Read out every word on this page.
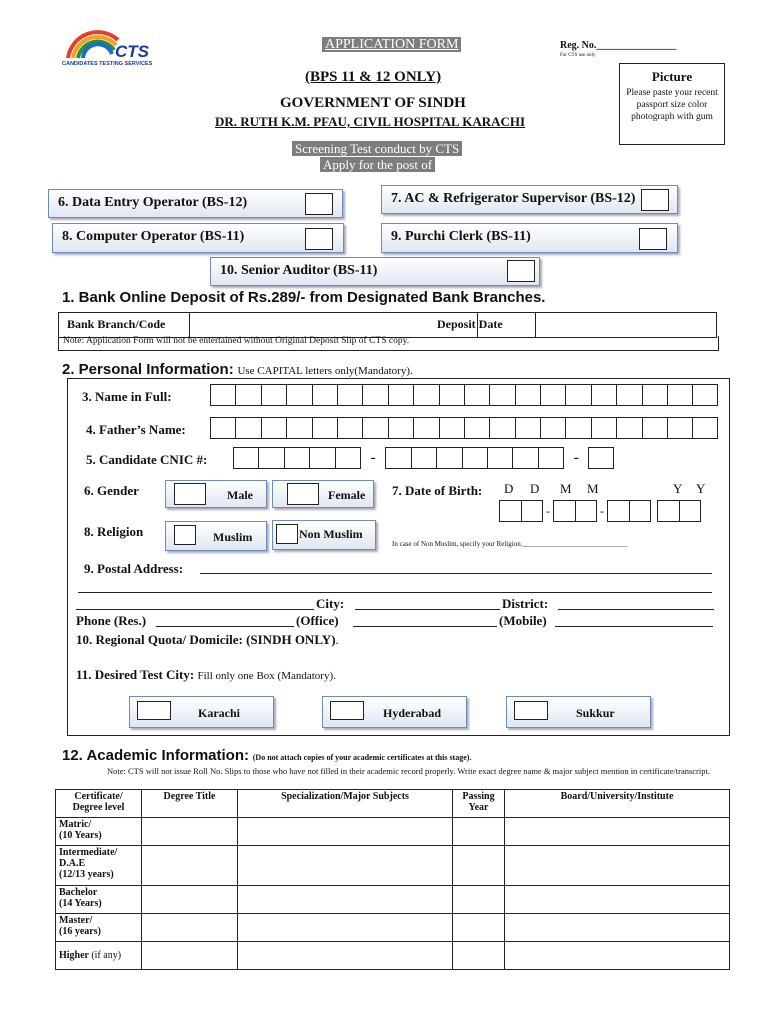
CTS
CANDIDATES TESTING SERVICES
APPLICATION FORM	Reg. No.________________
For CTS use only
Picture
Please paste your recent passport size color photograph with gum
(BPS 11 & 12 ONLY)
GOVERNMENT OF SINDH
DR. RUTH K.M. PFAU, CIVIL HOSPITAL KARACHI
Screening Test conduct by CTS
Apply for the post of
6. Data Entry Operator (BS-12)	7. AC & Refrigerator Supervisor (BS-12)
8. Computer Operator (BS-11)	9. Purchi Clerk (BS-11)
10. Senior Auditor (BS-11)
1. Bank Online Deposit of Rs.289/- from Designated Bank Branches.
Bank Branch/Code	Deposit Date
Note: Application Form will not be entertained without Original Deposit Slip of CTS copy.
2. Personal Information: Use CAPITAL letters only(Mandatory).
3. Name in Full:
4. Father’s Name:
5. Candidate CNIC #:	-	-
6. Gender	Male	Female 7. Date of Birth: D D M M	Y Y
-	-
8. Religion	Muslim	Non Muslim
In case of Non Muslim, specify your Religion.______________________________
9. Postal Address:
City:	District:
Phone (Res.)	(Office)	(Mobile)
10. Regional Quota/ Domicile: (SINDH ONLY).
11. Desired Test City: Fill only one Box (Mandatory).
Karachi	Hyderabad	Sukkur
12. Academic Information: (Do not attach copies of your academic certificates at this stage).
Note: CTS will not issue Roll No. Slips to those who have not filled in their academic record properly. Write exact degree name & major subject mention in certificate/transcript.
Certificate/ Degree level	Degree Title	Specialization/Major Subjects	Passing Year	Board/University/Institute

Matric/
(10 Years)				

Intermediate/ D.A.E
(12/13 years)				

Bachelor
(14 Years)				

Master/
(16 years)				

Higher (if any)				
